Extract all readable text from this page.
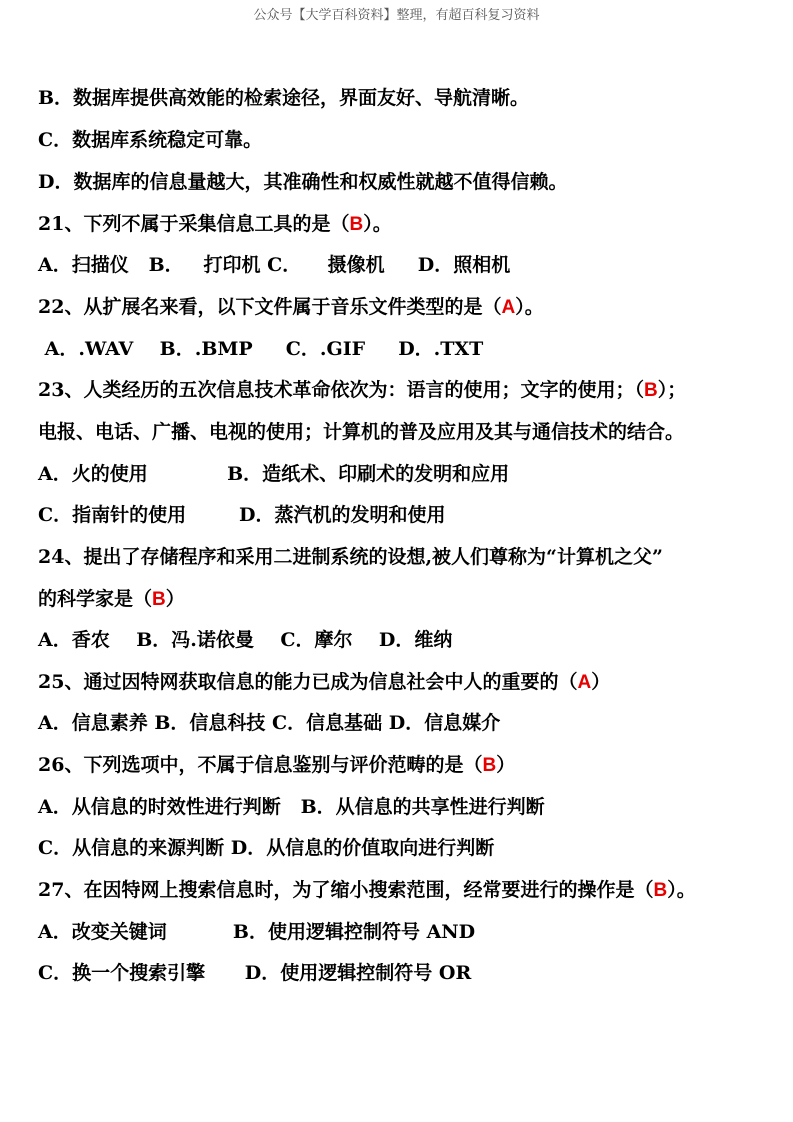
公众号【大学百科资料】整理，有超百科复习资料
B．数据库提供高效能的检索途径，界面友好、导航清晰。
C．数据库系统稳定可靠。
D．数据库的信息量越大，其准确性和权威性就越不值得信赖。
21、下列不属于采集信息工具的是（B）。
A．扫描仪   B．   打印机 C．    摄像机     D．照相机
22、从扩展名来看，以下文件属于音乐文件类型的是（A）。
A．.WAV    B．.BMP     C．.GIF     D．.TXT
23、人类经历的五次信息技术革命依次为：语言的使用；文字的使用；（B）；
电报、电话、广播、电视的使用；计算机的普及应用及其与通信技术的结合。
A．火的使用            B．造纸术、印刷术的发明和应用
C．指南针的使用        D．蒸汽机的发明和使用
24、提出了存储程序和采用二进制系统的设想,被人们尊称为“计算机之父”
的科学家是（B）
A．香农    B．冯.诺依曼    C．摩尔    D．维纳
25、通过因特网获取信息的能力已成为信息社会中人的重要的（A）
A．信息素养 B．信息科技 C．信息基础 D．信息媒介
26、下列选项中，不属于信息鉴别与评价范畴的是（B）
A．从信息的时效性进行判断   B．从信息的共享性进行判断
C．从信息的来源判断 D．从信息的价值取向进行判断
27、在因特网上搜索信息时，为了缩小搜索范围，经常要进行的操作是（B）。
A．改变关键词          B．使用逻辑控制符号 AND
C．换一个搜索引擎      D．使用逻辑控制符号 OR
